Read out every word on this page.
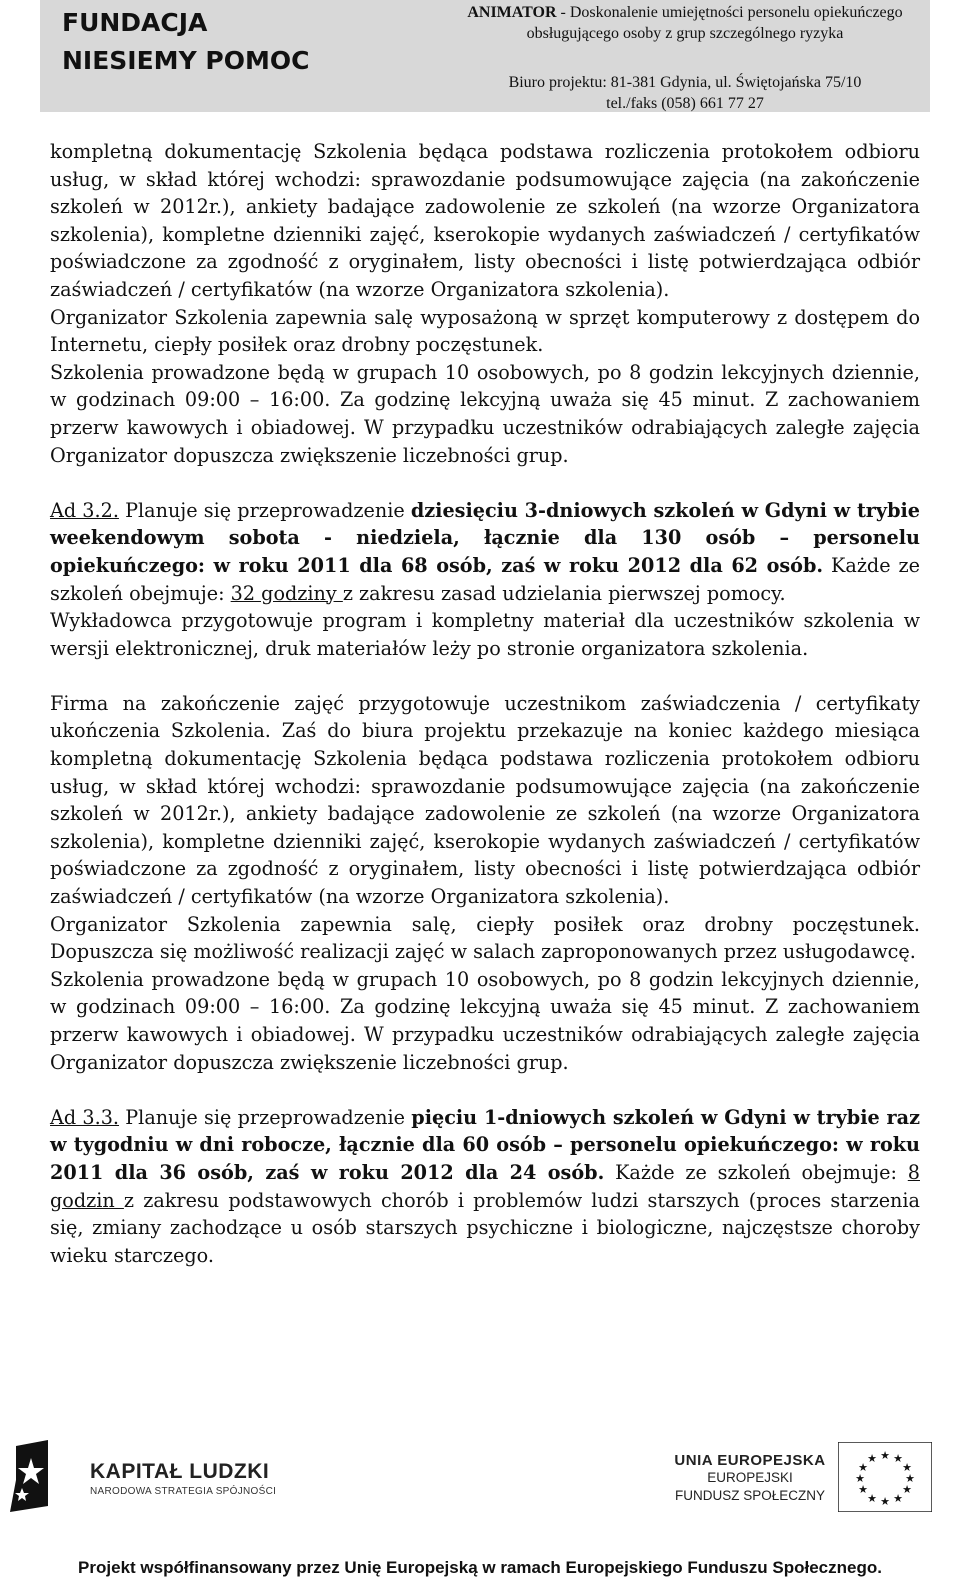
FUNDACJA
NIESIEMY POMOC
ANIMATOR - Doskonalenie umiejętności personelu opiekuńczego
obsługującego osoby z grup szczególnego ryzyka
Biuro projektu: 81-381 Gdynia, ul. Świętojańska 75/10
tel./faks (058) 661 77 27

kompletną dokumentację Szkolenia będąca podstawa rozliczenia protokołem odbioru usług, w skład której wchodzi: sprawozdanie podsumowujące zajęcia (na zakończenie szkoleń w 2012r.), ankiety badające zadowolenie ze szkoleń (na wzorze Organizatora szkolenia), kompletne dzienniki zajęć, kserokopie wydanych zaświadczeń / certyfikatów poświadczone za zgodność z oryginałem, listy obecności i listę potwierdzająca odbiór zaświadczeń / certyfikatów (na wzorze Organizatora szkolenia).

Organizator Szkolenia zapewnia salę wyposażoną w sprzęt komputerowy z dostępem do Internetu, ciepły posiłek oraz drobny poczęstunek.

Szkolenia prowadzone będą w grupach 10 osobowych, po 8 godzin lekcyjnych dziennie, w godzinach 09:00 – 16:00. Za godzinę lekcyjną uważa się 45 minut. Z zachowaniem przerw kawowych i obiadowej. W przypadku uczestników odrabiających zaległe zajęcia Organizator dopuszcza zwiększenie liczebności grup.

Ad 3.2. Planuje się przeprowadzenie dziesięciu 3-dniowych szkoleń w Gdyni w trybie weekendowym sobota - niedziela, łącznie dla 130 osób – personelu opiekuńczego: w roku 2011 dla 68 osób, zaś w roku 2012 dla 62 osób. Każde ze szkoleń obejmuje: 32 godziny z zakresu zasad udzielania pierwszej pomocy.

Wykładowca przygotowuje program i kompletny materiał dla uczestników szkolenia w wersji elektronicznej, druk materiałów leży po stronie organizatora szkolenia.

Firma na zakończenie zajęć przygotowuje uczestnikom zaświadczenia / certyfikaty ukończenia Szkolenia. Zaś do biura projektu przekazuje na koniec każdego miesiąca kompletną dokumentację Szkolenia będąca podstawa rozliczenia protokołem odbioru usług, w skład której wchodzi: sprawozdanie podsumowujące zajęcia (na zakończenie szkoleń w 2012r.), ankiety badające zadowolenie ze szkoleń (na wzorze Organizatora szkolenia), kompletne dzienniki zajęć, kserokopie wydanych zaświadczeń / certyfikatów poświadczone za zgodność z oryginałem, listy obecności i listę potwierdzająca odbiór zaświadczeń / certyfikatów (na wzorze Organizatora szkolenia).

Organizator Szkolenia zapewnia salę, ciepły posiłek oraz drobny poczęstunek. Dopuszcza się możliwość realizacji zajęć w salach zaproponowanych przez usługodawcę.

Szkolenia prowadzone będą w grupach 10 osobowych, po 8 godzin lekcyjnych dziennie, w godzinach 09:00 – 16:00. Za godzinę lekcyjną uważa się 45 minut. Z zachowaniem przerw kawowych i obiadowej. W przypadku uczestników odrabiających zaległe zajęcia Organizator dopuszcza zwiększenie liczebności grup.

Ad 3.3. Planuje się przeprowadzenie pięciu 1-dniowych szkoleń w Gdyni w trybie raz w tygodniu w dni robocze, łącznie dla 60 osób – personelu opiekuńczego: w roku 2011 dla 36 osób, zaś w roku 2012 dla 24 osób. Każde ze szkoleń obejmuje: 8 godzin z zakresu podstawowych chorób i problemów ludzi starszych (proces starzenia się, zmiany zachodzące u osób starszych psychiczne i biologiczne, najczęstsze choroby wieku starczego.

KAPITAŁ LUDZKI
NARODOWA STRATEGIA SPÓJNOŚCI
UNIA EUROPEJSKA
EUROPEJSKI
FUNDUSZ SPOŁECZNY
★ ★
★
★
★
★
★
★
★
★
★
★
Projekt współfinansowany przez Unię Europejską w ramach Europejskiego Funduszu Społecznego.
